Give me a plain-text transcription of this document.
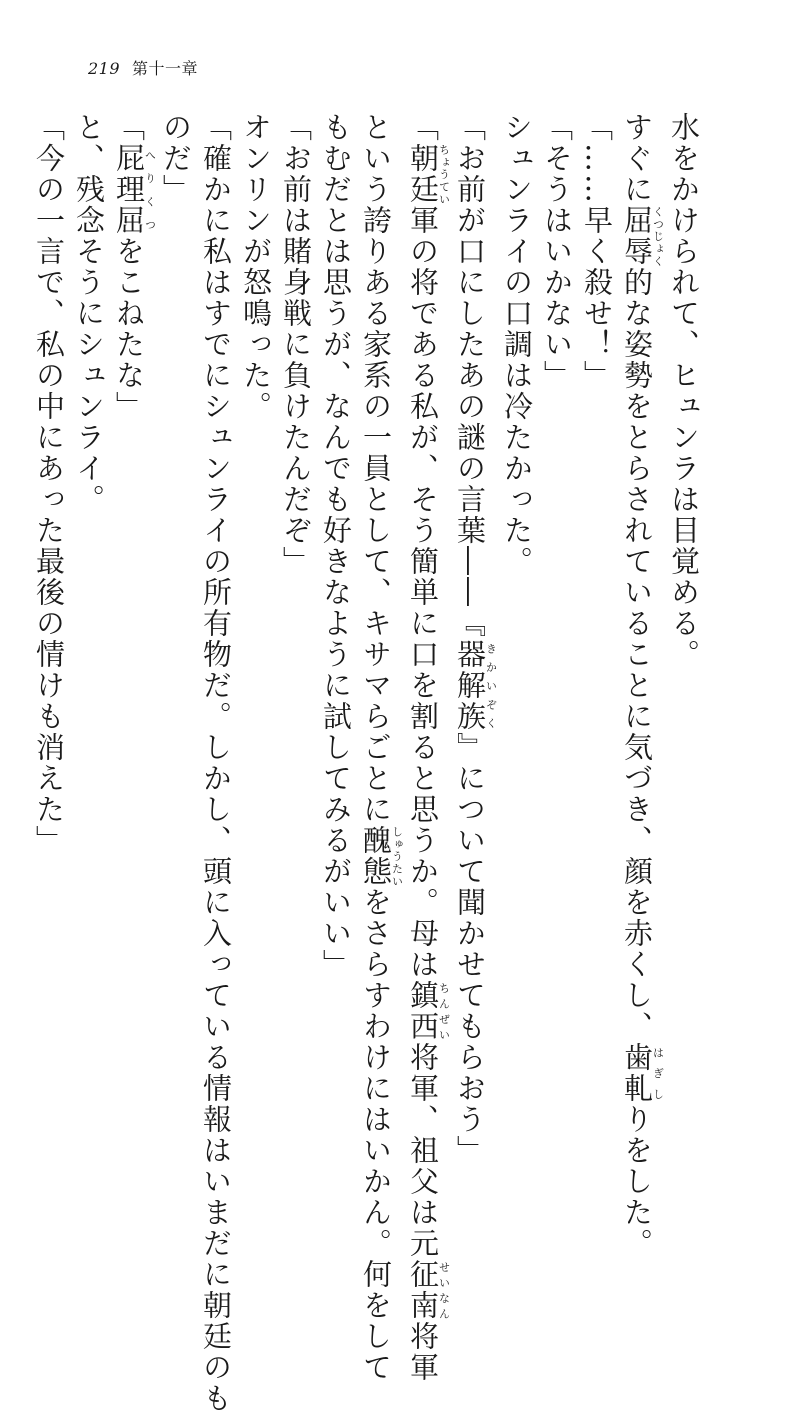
219 第十一章
水をかけられて、ヒュンラは目覚める。
すぐに屈辱くつじょく的な姿勢をとらされていることに気づき、顔を赤くし、歯軋はぎしりをした。
「……早く殺せ！」
「そうはいかない」
シュンライの口調は冷たかった。
「お前が口にしたあの謎の言葉――『器解族きかいぞく』について聞かせてもらおう」
「朝廷ちょうてい軍の将である私が、そう簡単に口を割ると思うか。母は鎮西ちんぜい将軍、祖父は元征南せいなん将軍
という誇りある家系の一員として、キサマらごとに醜態しゅうたいをさらすわけにはいかん。何をして
もむだとは思うが、なんでも好きなように試してみるがいい」
「お前は賭身戦に負けたんだぞ」
オンリンが怒鳴った。
「確かに私はすでにシュンライの所有物だ。しかし、頭に入っている情報はいまだに朝廷のも
のだ」
「屁理屈へりくつをこねたな」
と、残念そうにシュンライ。
「今の一言で、私の中にあった最後の情けも消えた」
